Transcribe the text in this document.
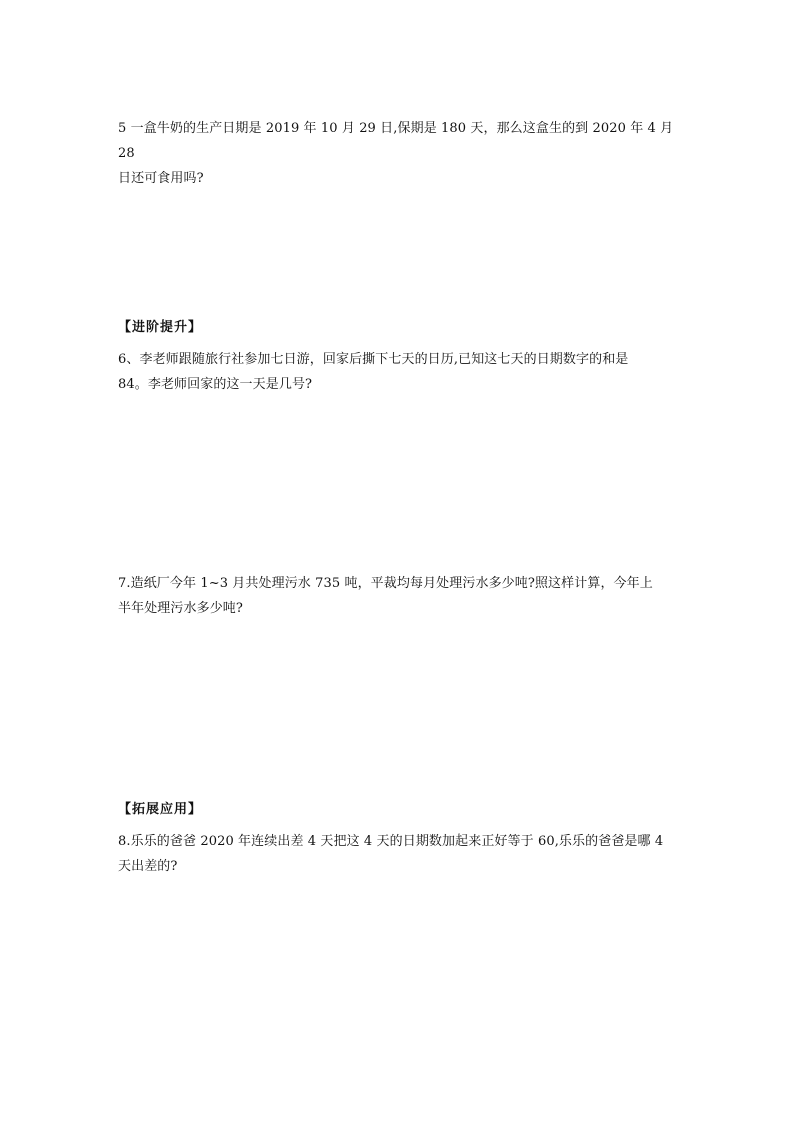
5 一盒牛奶的生产日期是 2019 年 10 月 29 日,保期是 180 天，那么这盒生的到 2020 年 4 月 28

日还可食用吗?

【进阶提升】

6、李老师跟随旅行社参加七日游，回家后撕下七天的日历,已知这七天的日期数字的和是

84。李老师回家的这一天是几号?

7.造纸厂今年 1~3 月共处理污水 735 吨，平裁均每月处理污水多少吨?照这样计算，今年上

半年处理污水多少吨?

【拓展应用】

8.乐乐的爸爸 2020 年连续出差 4 天把这 4 天的日期数加起来正好等于 60,乐乐的爸爸是哪 4

天出差的?
